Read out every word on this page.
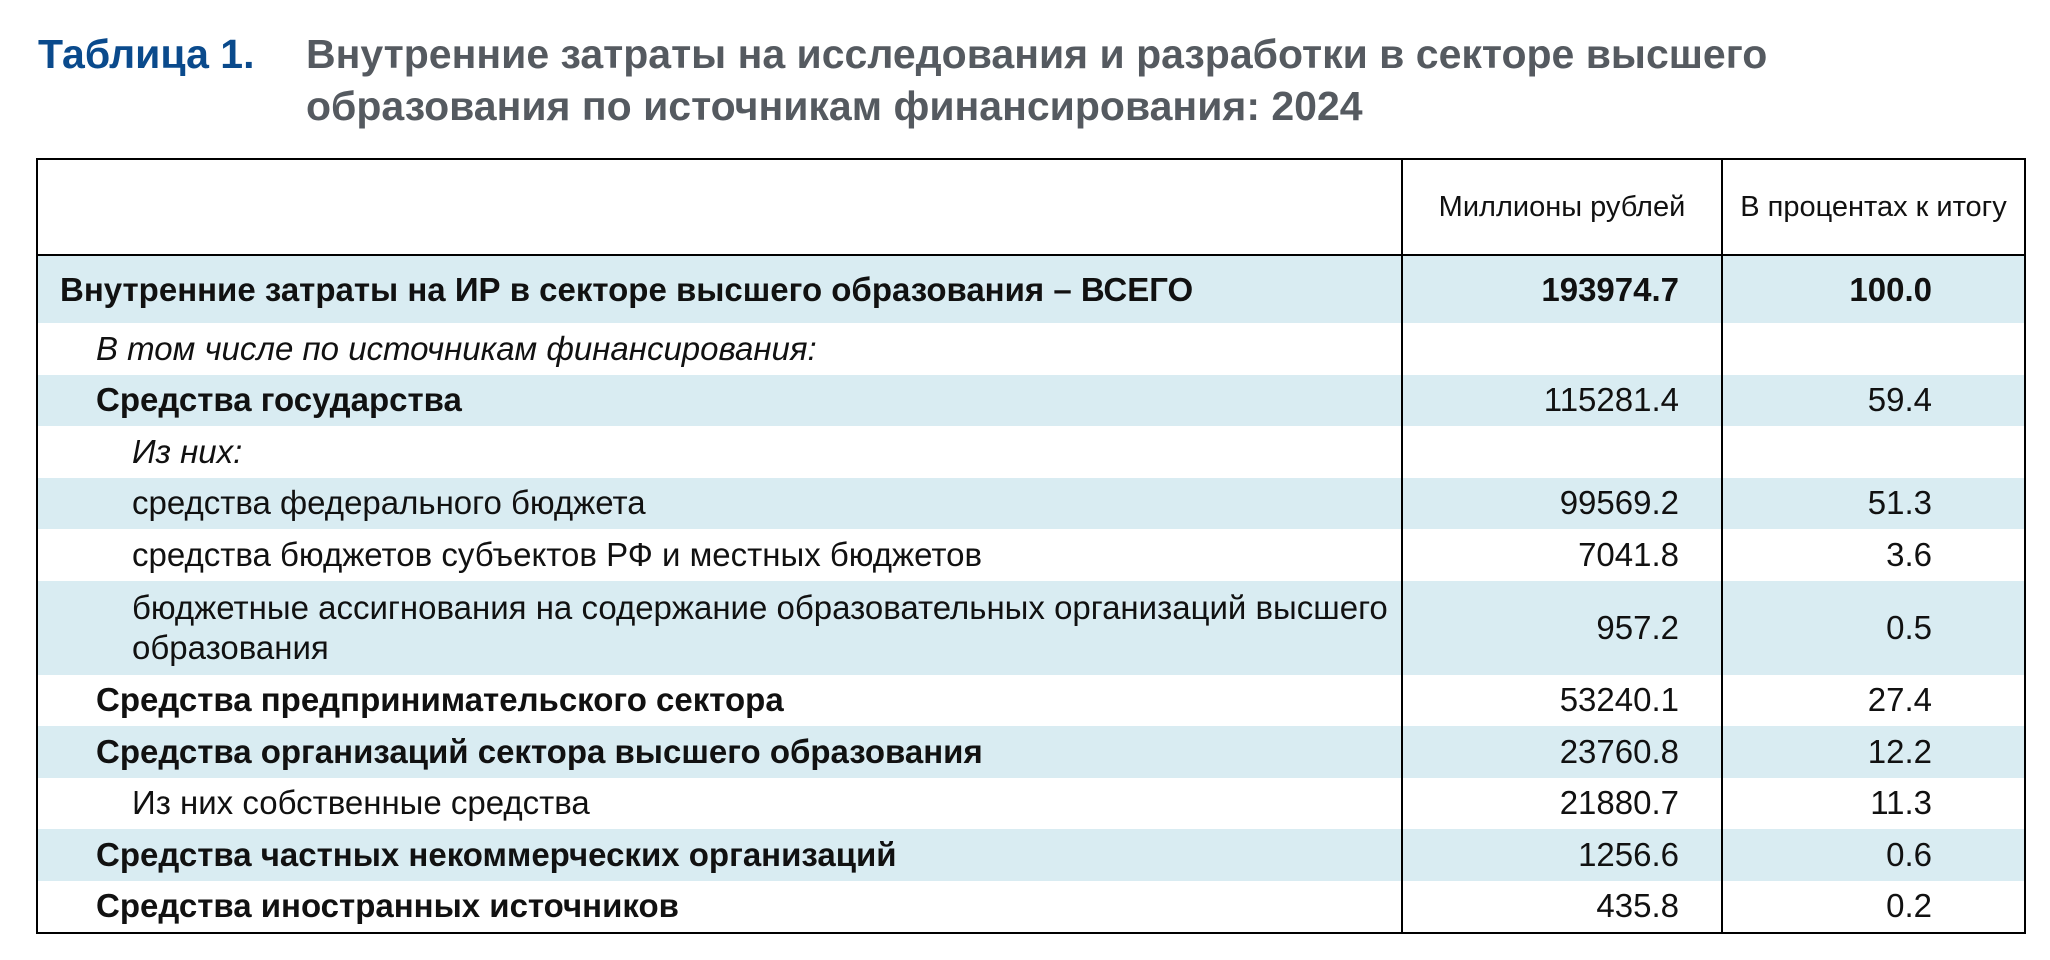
Таблица 1.	Внутренние затраты на исследования и разработки в секторе высшего образования по источникам финансирования: 2024
	Миллионы рублей	В процентах к итогу
Внутренние затраты на ИР в секторе высшего образования – ВСЕГО	193974.7	100.0
В том числе по источникам финансирования:		
Средства государства	115281.4	59.4
Из них:		
средства федерального бюджета	99569.2	51.3
средства бюджетов субъектов РФ и местных бюджетов	7041.8	3.6
бюджетные ассигнования на содержание образовательных организаций высшего образования	957.2	0.5
Средства предпринимательского сектора	53240.1	27.4
Средства организаций сектора высшего образования	23760.8	12.2
Из них собственные средства	21880.7	11.3
Средства частных некоммерческих организаций	1256.6	0.6
Средства иностранных источников	435.8	0.2
